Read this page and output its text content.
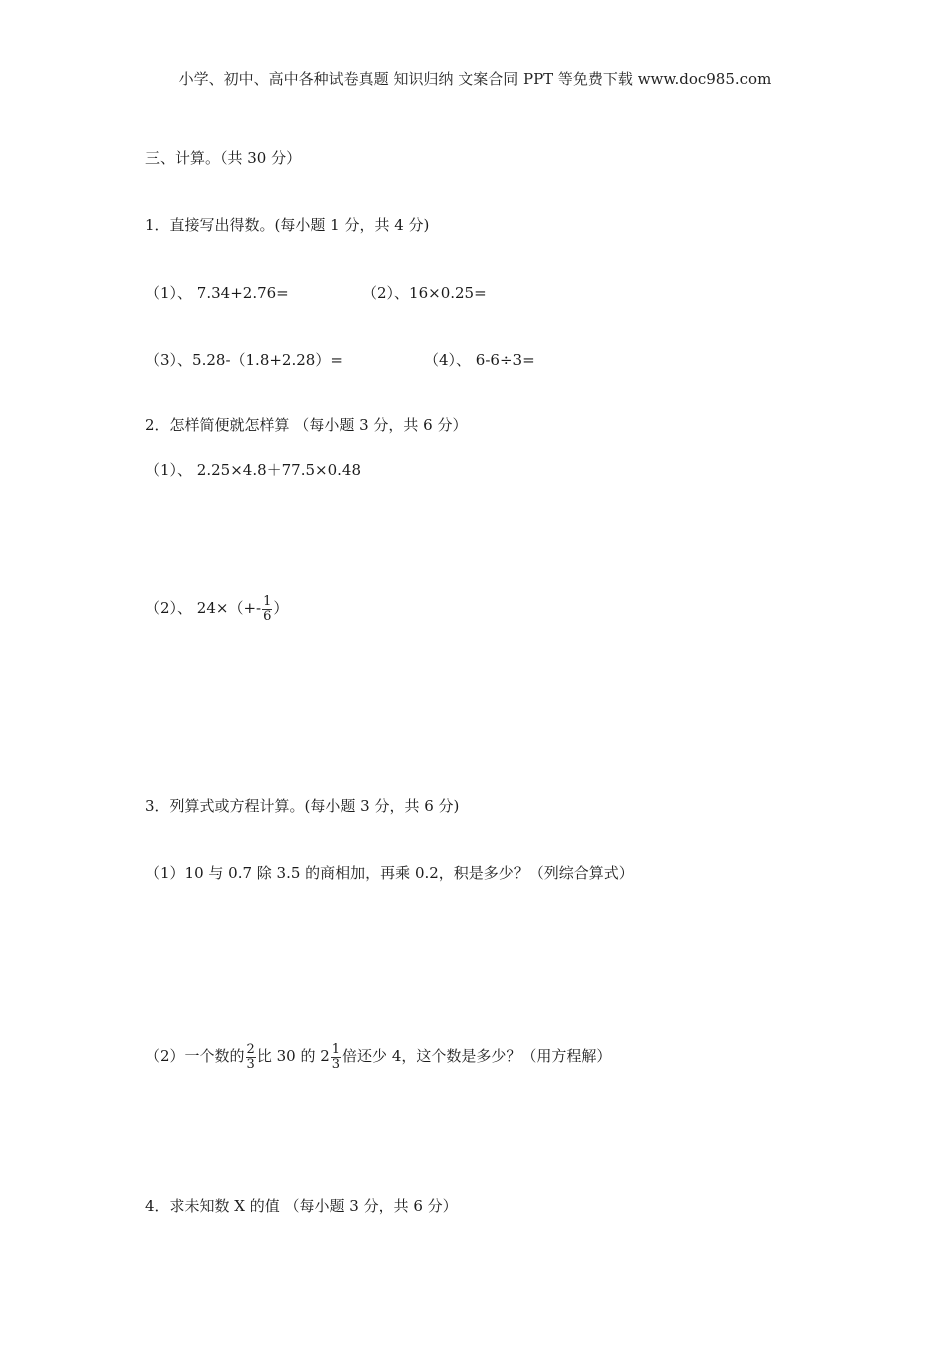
小学、初中、高中各种试卷真题 知识归纳 文案合同 PPT 等免费下载 www.doc985.com
三、计算。（共 30 分）
1．直接写出得数。(每小题 1 分，共 4 分)
（1）、 7.34+2.76=	（2）、16×0.25=
（3）、5.28-（1.8+2.28）=	（4）、 6-6÷3=
2．怎样简便就怎样算 （每小题 3 分，共 6 分）
（1）、 2.25×4.8＋77.5×0.48
（2）、 $24\times(+- \frac{1}{6}$ ）
3．列算式或方程计算。(每小题 3 分，共 6 分)
（1）10 与 0.7 除 3.5 的商相加，再乘 0.2，积是多少？（列综合算式）
（2）一个数的 $\frac{2}{3}$ 比 30 的 $2 \frac{1}{3}$ 倍还少 4，这个数是多少？（用方程解）
4．求未知数 X 的值 （每小题 3 分，共 6 分）
